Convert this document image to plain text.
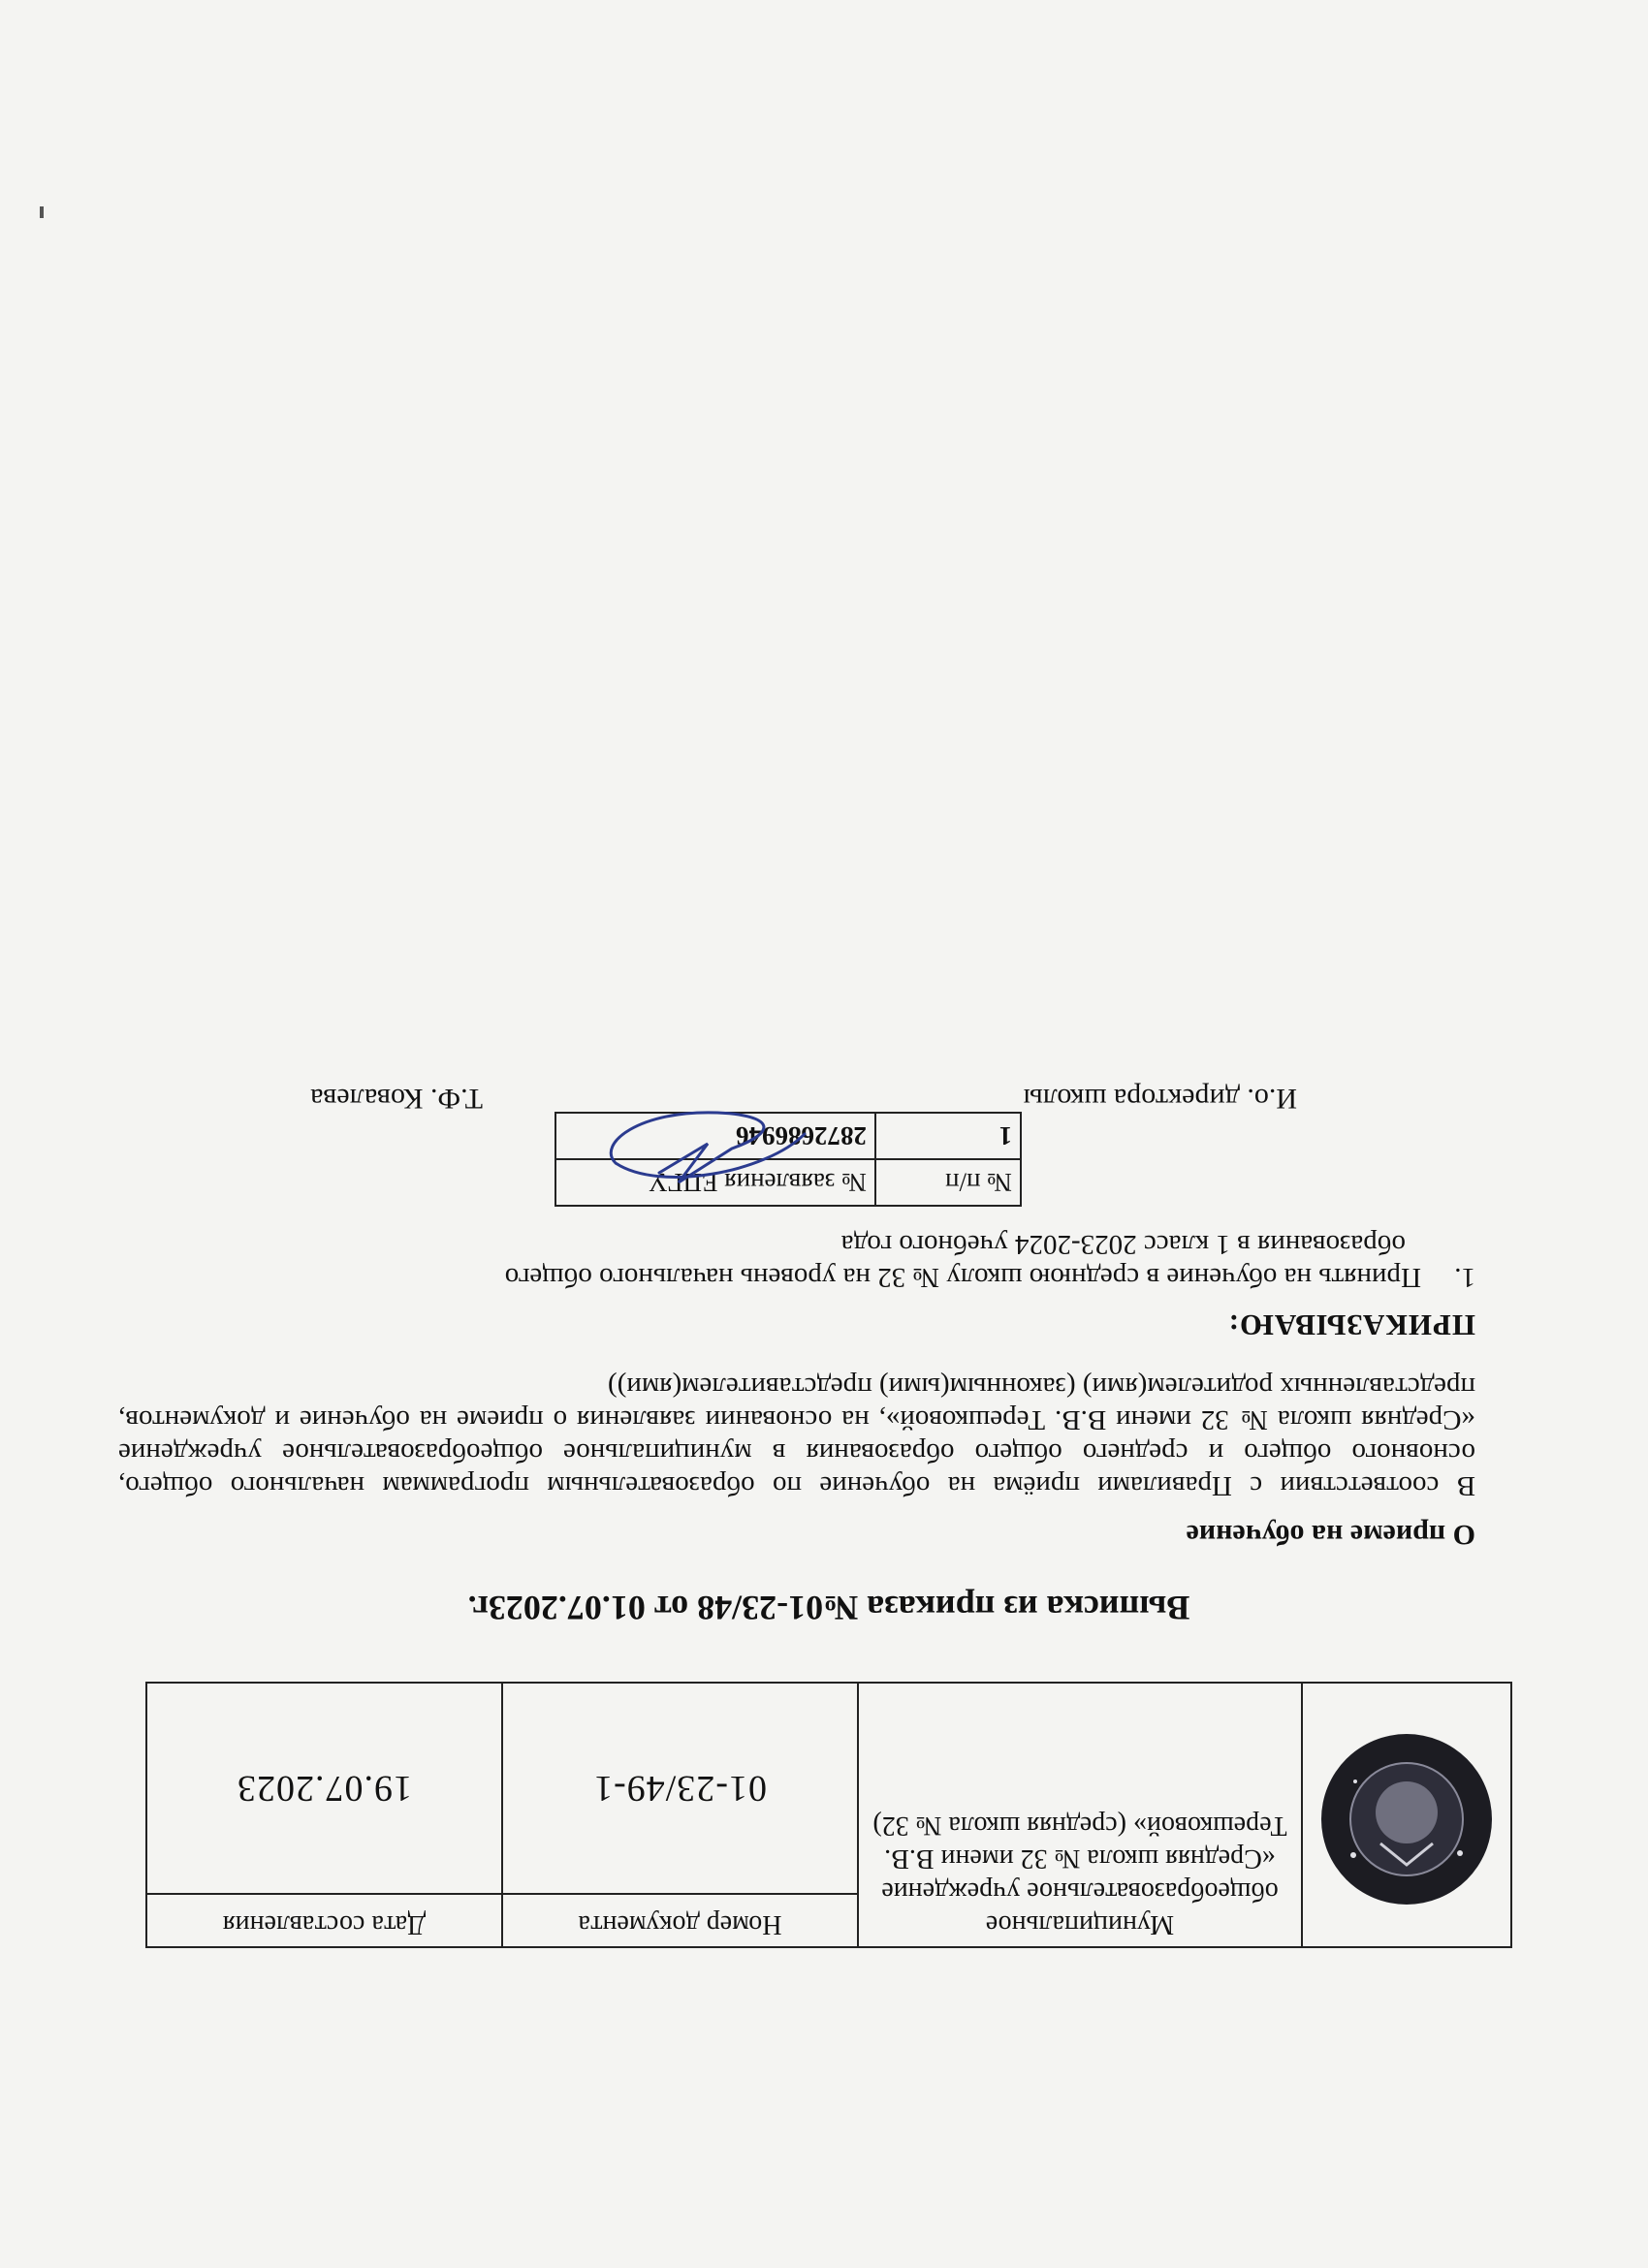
	Муниципальное общеобразовательное учреждение «Средняя школа № 32 имени В.В. Терешковой» (средняя школа № 32)	Номер документа	Дата составления
		01-23/49-1	19.07.2023
Выписка из приказа №01-23/48 от 01.07.2023г.
О приеме на обучение

В соответствии с Правилами приёма на обучение по образовательным программам начального общего, основного общего и среднего общего образования в муниципальное общеобразовательное учреждение «Средняя школа № 32 имени В.В. Терешковой», на основании заявления о приеме на обучение и документов, представленных родителем(ями) (законным(ыми) представителем(ями))

ПРИКАЗЫВАЮ:
1.Принять на обучение в среднюю школу № 32 на уровень начального общего
образования в 1 класс 2023-2024 учебного года
№ п/п	№ заявления ЕПГУ
1	2872686946
И.о. директора школы
Т.Ф. Ковалева
